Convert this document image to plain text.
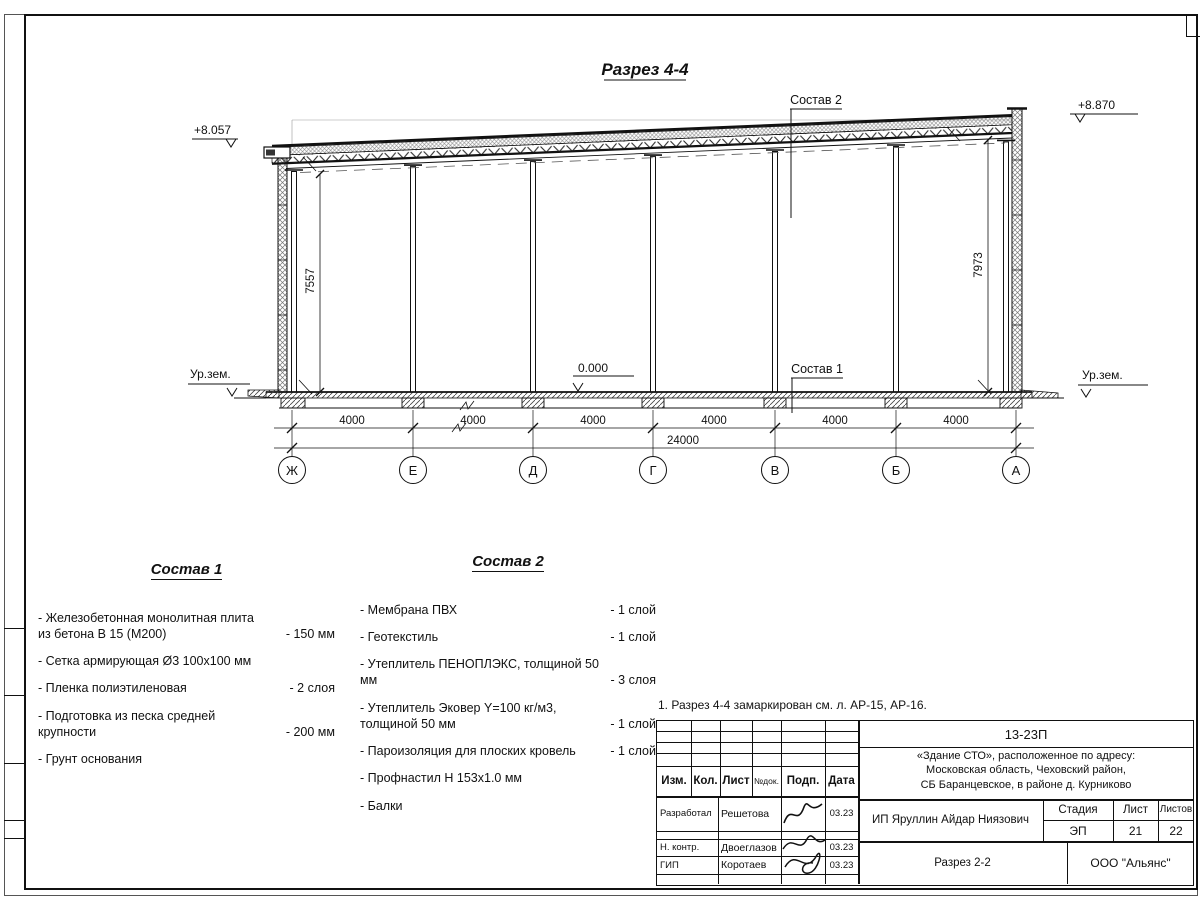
Разрез 4-4
+8.057
+8.870
0.000
Ур.зем.	Ур.зем.
Состав 2
Состав 1
7557
7973
4000	4000	4000	4000	4000	4000
24000
Ж	Е	Д	Г	В	Б	А
Состав 1
- Железобетонная монолитная плита из бетона В 15 (М200)	- 150 мм
- Сетка армирующая Ø3 100х100 мм
- Пленка полиэтиленовая	- 2 слоя
- Подготовка из песка средней крупности	- 200 мм
- Грунт основания
Состав 2
- Мембрана ПВХ	- 1 слой
- Геотекстиль	- 1 слой
- Утеплитель ПЕНОПЛЭКС, толщиной 50 мм	- 3 слоя
- Утеплитель Эковер Y=100 кг/м3, толщиной 50 мм	- 1 слой
- Пароизоляция для плоских кровель	- 1 слой
- Профнастил Н 153х1.0 мм
- Балки
1. Разрез 4-4 замаркирован см. л. АР-15, АР-16.
Изм. Кол. Лист №док. Подп. Дата
Разработал Решетова	03.23
Н. контр.	Двоеглазов	03.23
ГИП	Коротаев	03.23
13-23П
«Здание СТО», расположенное по адресу:
Московская область, Чеховский район,
СБ Баранцевское, в районе д. Курниково
ИП Яруллин Айдар Ниязович
Стадия	Лист	Листов
ЭП	21	22
Разрез 2-2	ООО "Альянс"
